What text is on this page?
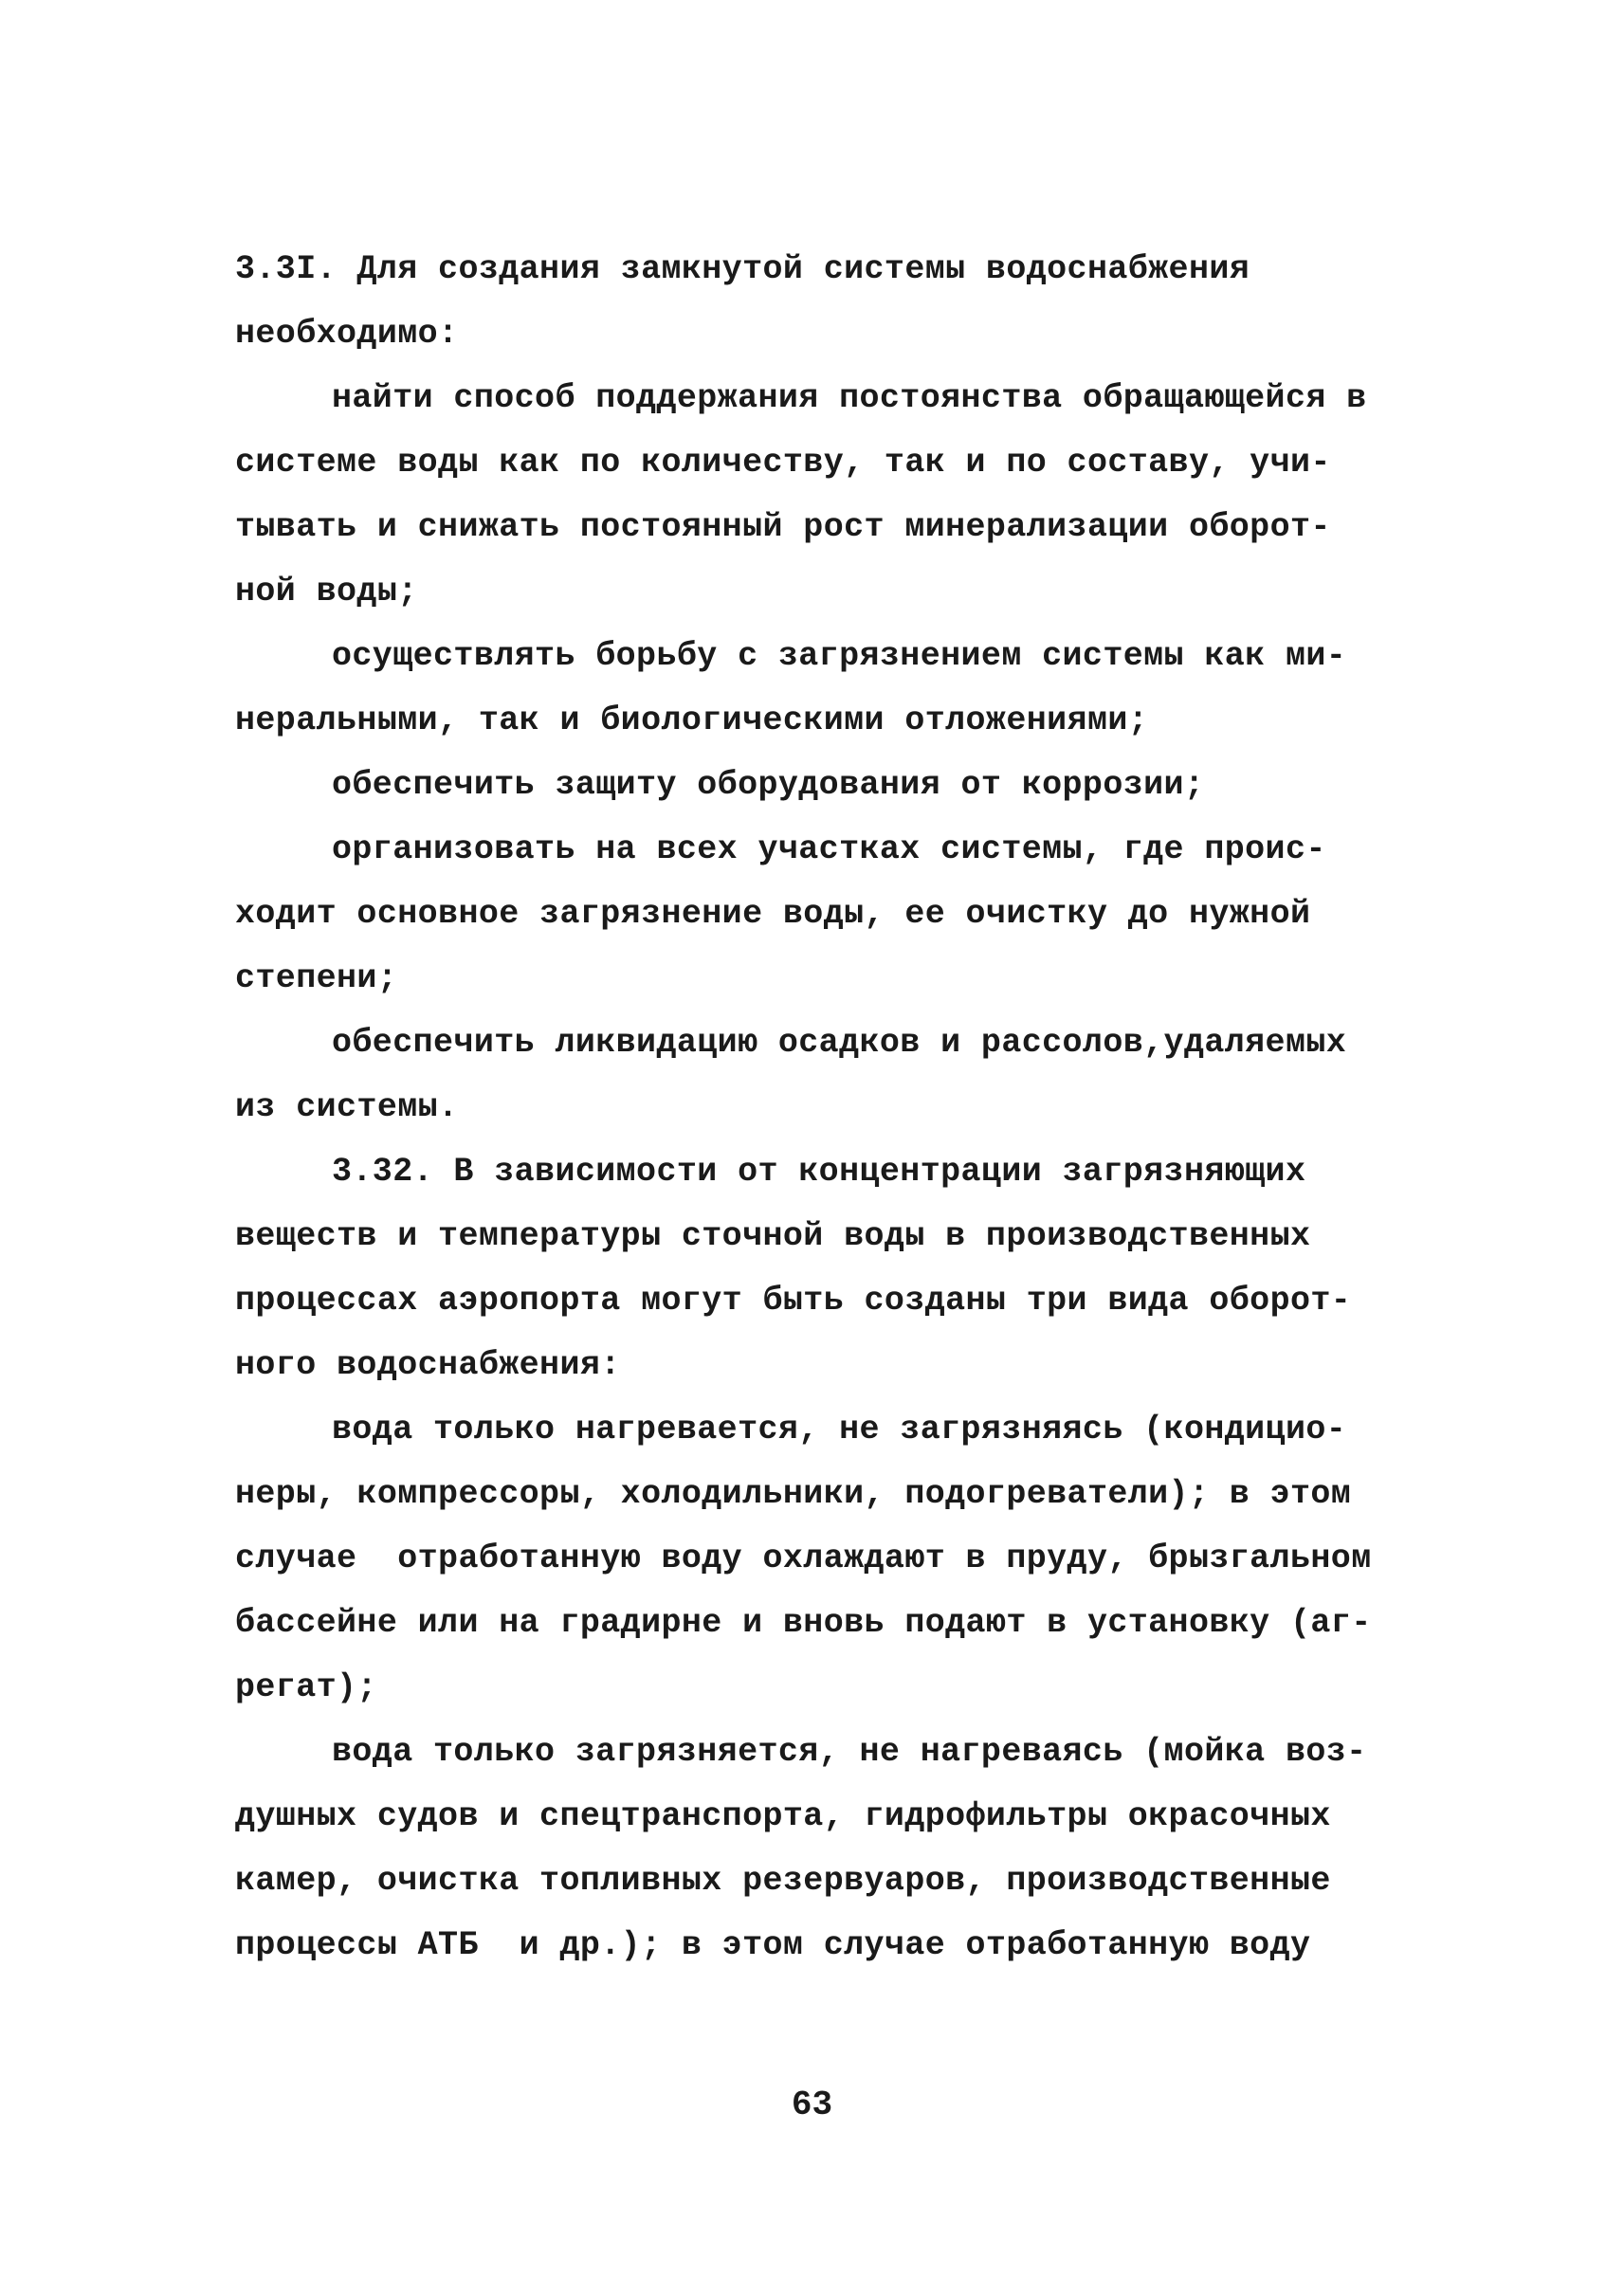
3.3I. Для создания замкнутой системы водоснабжения
необходимо:
найти способ поддержания постоянства обращающейся в
системе воды как по количеству, так и по составу, учи-
тывать и снижать постоянный рост минерализации оборот-
ной воды;
осуществлять борьбу с загрязнением системы как ми-
неральными, так и биологическими отложениями;
обеспечить защиту оборудования от коррозии;
организовать на всех участках системы, где проис-
ходит основное загрязнение воды, ее очистку до нужной
степени;
обеспечить ликвидацию осадков и рассолов,удаляемых
из системы.
3.32. В зависимости от концентрации загрязняющих
веществ и температуры сточной воды в производственных
процессах аэропорта могут быть созданы три вида оборот-
ного водоснабжения:
вода только нагревается, не загрязняясь (кондицио-
неры, компрессоры, холодильники, подогреватели); в этом
случае  отработанную воду охлаждают в пруду, брызгальном
бассейне или на градирне и вновь подают в установку (аг-
регат);
вода только загрязняется, не нагреваясь (мойка воз-
душных судов и спецтранспорта, гидрофильтры окрасочных
камер, очистка топливных резервуаров, производственные
процессы АТБ  и др.); в этом случае отработанную воду
63
